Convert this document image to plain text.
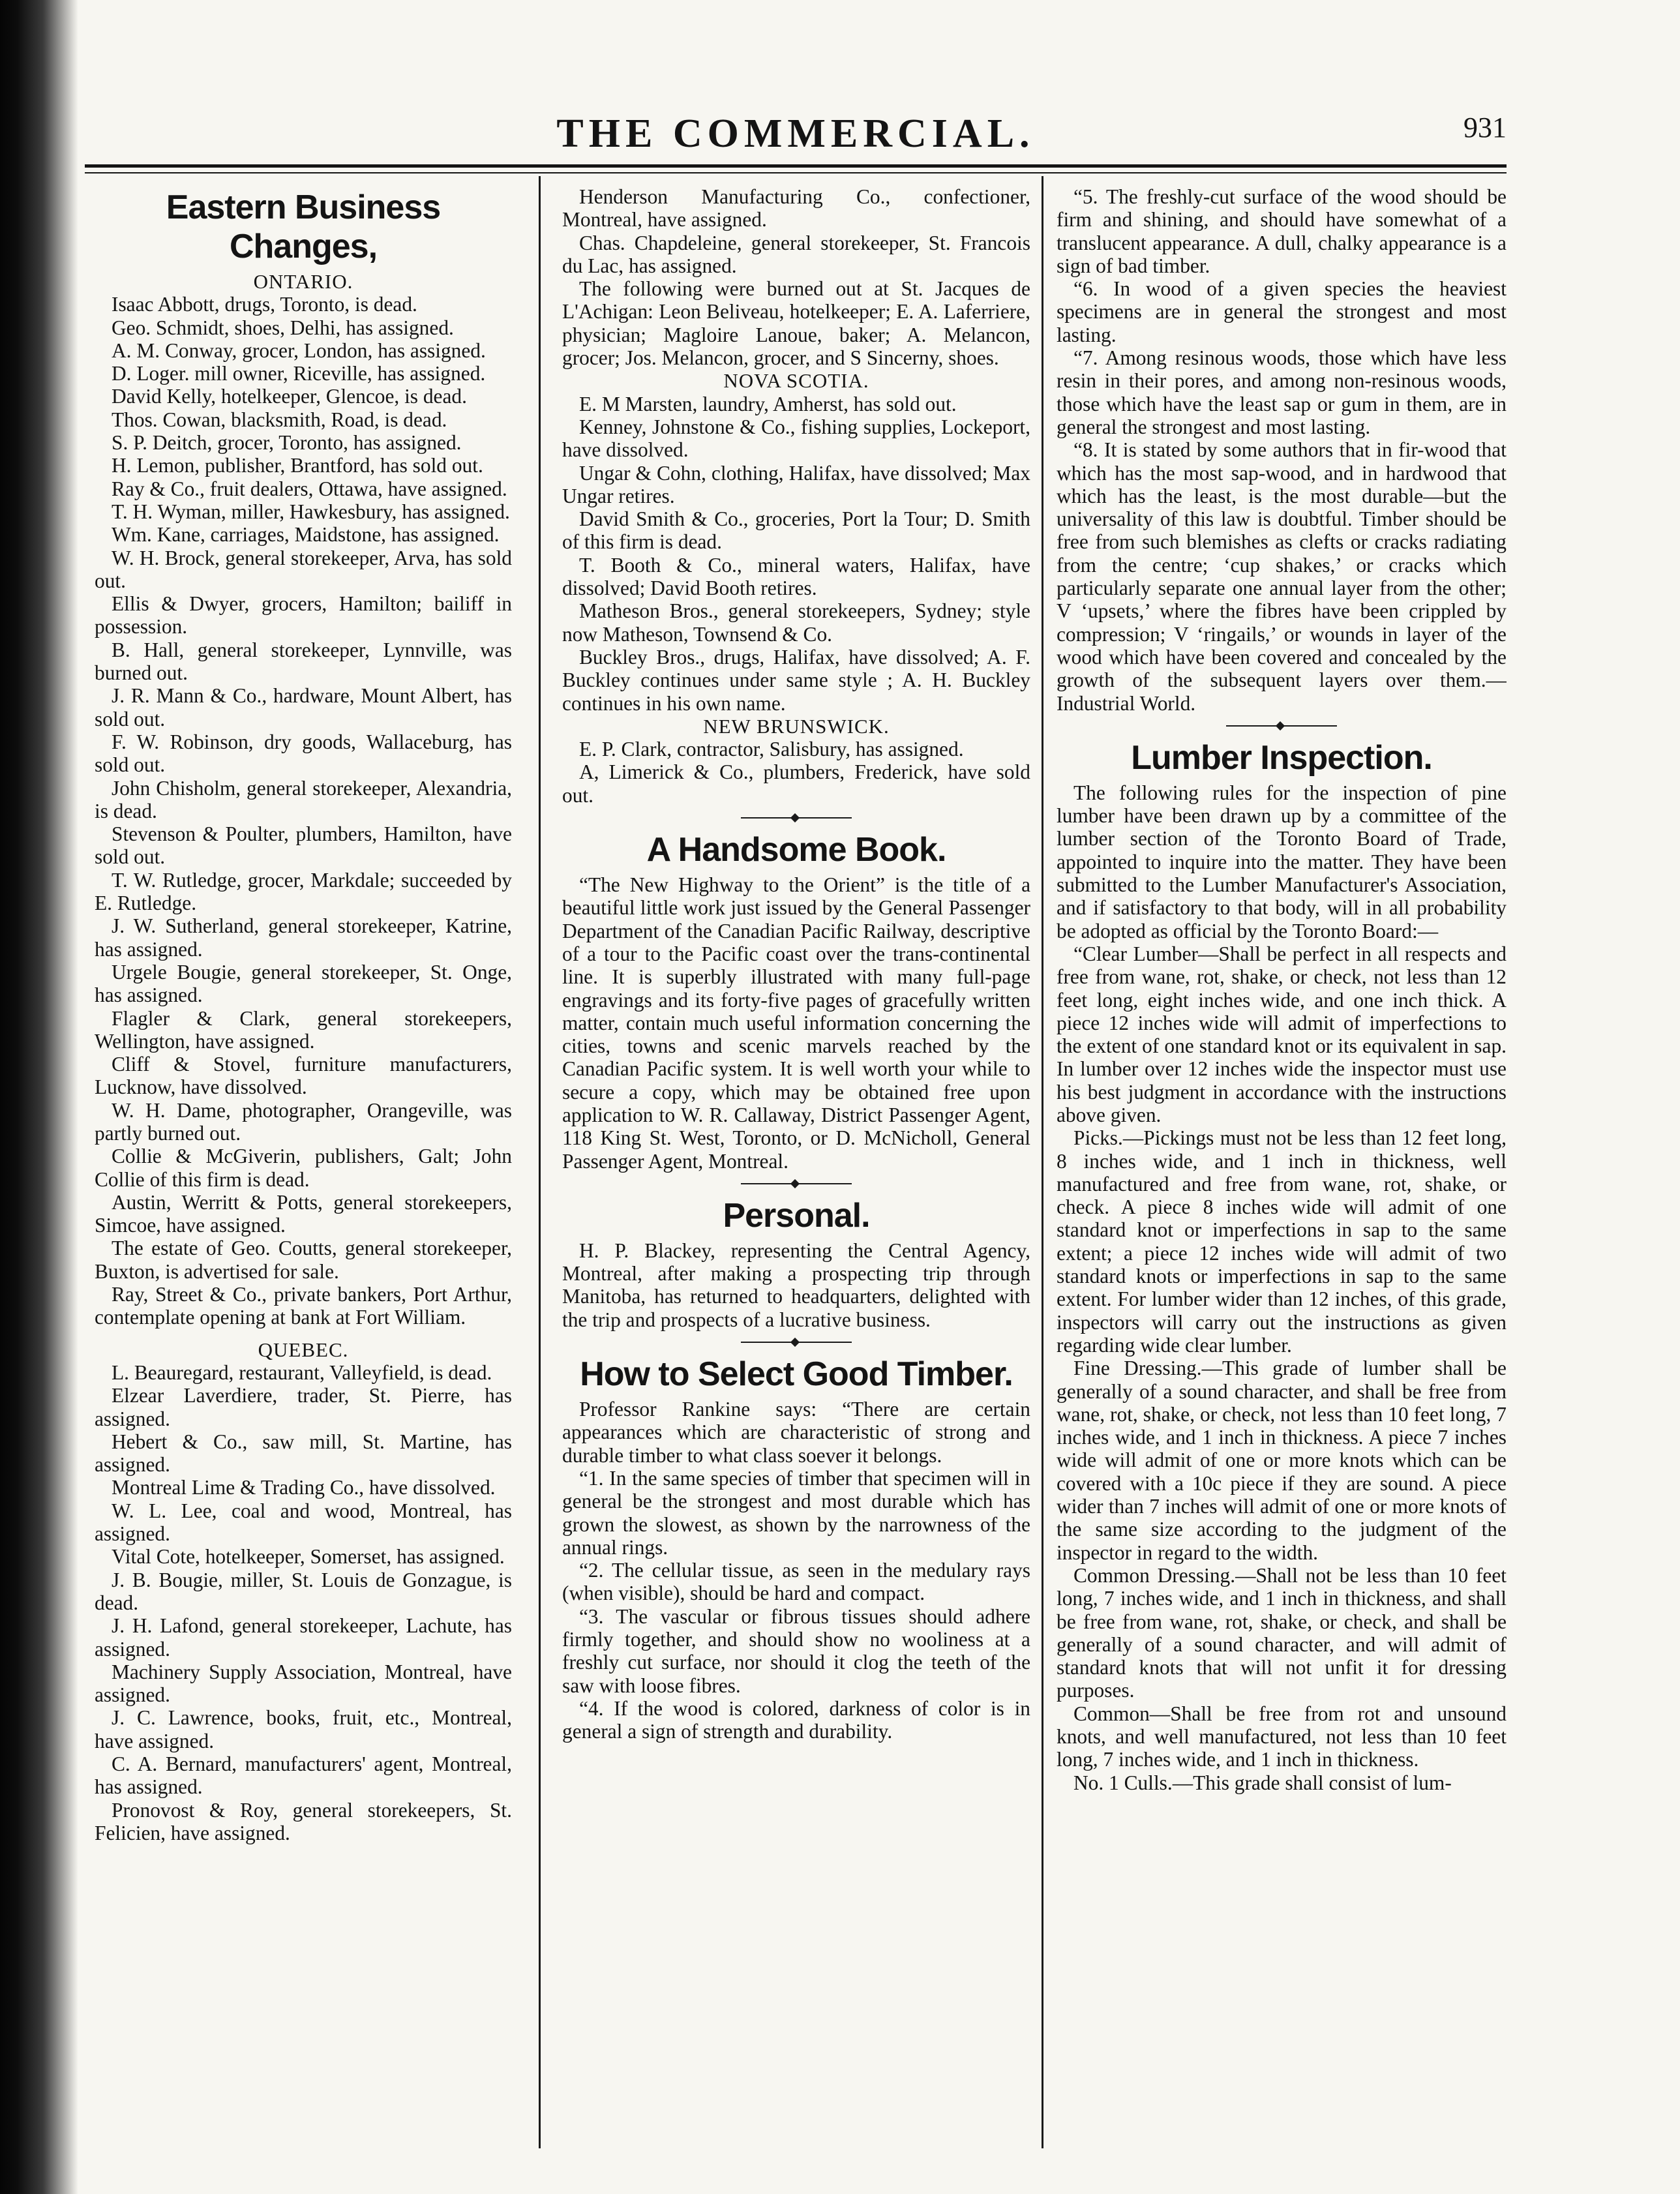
THE COMMERCIAL.	931
Eastern Business Changes,
ONTARIO.

Isaac Abbott, drugs, Toronto, is dead.

Geo. Schmidt, shoes, Delhi, has assigned.

A. M. Conway, grocer, London, has assigned.

D. Loger. mill owner, Riceville, has assigned.

David Kelly, hotelkeeper, Glencoe, is dead.

Thos. Cowan, blacksmith, Road, is dead.

S. P. Deitch, grocer, Toronto, has assigned.

H. Lemon, publisher, Brantford, has sold out.

Ray & Co., fruit dealers, Ottawa, have assigned.

T. H. Wyman, miller, Hawkesbury, has assigned.

Wm. Kane, carriages, Maidstone, has assigned.

W. H. Brock, general storekeeper, Arva, has sold out.

Ellis & Dwyer, grocers, Hamilton; bailiff in possession.

B. Hall, general storekeeper, Lynnville, was burned out.

J. R. Mann & Co., hardware, Mount Albert, has sold out.

F. W. Robinson, dry goods, Wallaceburg, has sold out.

John Chisholm, general storekeeper, Alexandria, is dead.

Stevenson & Poulter, plumbers, Hamilton, have sold out.

T. W. Rutledge, grocer, Markdale; succeeded by E. Rutledge.

J. W. Sutherland, general storekeeper, Katrine, has assigned.

Urgele Bougie, general storekeeper, St. Onge, has assigned.

Flagler & Clark, general storekeepers, Wellington, have assigned.

Cliff & Stovel, furniture manufacturers, Lucknow, have dissolved.

W. H. Dame, photographer, Orangeville, was partly burned out.

Collie & McGiverin, publishers, Galt; John Collie of this firm is dead.

Austin, Werritt & Potts, general storekeepers, Simcoe, have assigned.

The estate of Geo. Coutts, general storekeeper, Buxton, is advertised for sale.

Ray, Street & Co., private bankers, Port Arthur, contemplate opening at bank at Fort William.

QUEBEC.

L. Beauregard, restaurant, Valleyfield, is dead.

Elzear Laverdiere, trader, St. Pierre, has assigned.

Hebert & Co., saw mill, St. Martine, has assigned.

Montreal Lime & Trading Co., have dissolved.

W. L. Lee, coal and wood, Montreal, has assigned.

Vital Cote, hotelkeeper, Somerset, has assigned.

J. B. Bougie, miller, St. Louis de Gonzague, is dead.

J. H. Lafond, general storekeeper, Lachute, has assigned.

Machinery Supply Association, Montreal, have assigned.

J. C. Lawrence, books, fruit, etc., Montreal, have assigned.

C. A. Bernard, manufacturers' agent, Montreal, has assigned.

Pronovost & Roy, general storekeepers, St. Felicien, have assigned.

Henderson Manufacturing Co., confectioner, Montreal, have assigned.

Chas. Chapdeleine, general storekeeper, St. Francois du Lac, has assigned.

The following were burned out at St. Jacques de L'Achigan: Leon Beliveau, hotelkeeper; E. A. Laferriere, physician; Magloire Lanoue, baker; A. Melancon, grocer; Jos. Melancon, grocer, and S Sincerny, shoes.

NOVA SCOTIA.

E. M Marsten, laundry, Amherst, has sold out.

Kenney, Johnstone & Co., fishing supplies, Lockeport, have dissolved.

Ungar & Cohn, clothing, Halifax, have dissolved; Max Ungar retires.

David Smith & Co., groceries, Port la Tour; D. Smith of this firm is dead.

T. Booth & Co., mineral waters, Halifax, have dissolved; David Booth retires.

Matheson Bros., general storekeepers, Sydney; style now Matheson, Townsend & Co.

Buckley Bros., drugs, Halifax, have dissolved; A. F. Buckley continues under same style ; A. H. Buckley continues in his own name.

NEW BRUNSWICK.

E. P. Clark, contractor, Salisbury, has assigned.

A, Limerick & Co., plumbers, Frederick, have sold out.

A Handsome Book.

“The New Highway to the Orient” is the title of a beautiful little work just issued by the General Passenger Department of the Canadian Pacific Railway, descriptive of a tour to the Pacific coast over the trans-continental line. It is superbly illustrated with many full-page engravings and its forty-five pages of gracefully written matter, contain much useful information concerning the cities, towns and scenic marvels reached by the Canadian Pacific system. It is well worth your while to secure a copy, which may be obtained free upon application to W. R. Callaway, District Passenger Agent, 118 King St. West, Toronto, or D. McNicholl, General Passenger Agent, Montreal.

Personal.

H. P. Blackey, representing the Central Agency, Montreal, after making a prospecting trip through Manitoba, has returned to headquarters, delighted with the trip and prospects of a lucrative business.

How to Select Good Timber.

Professor Rankine says: “There are certain appearances which are characteristic of strong and durable timber to what class soever it belongs.

“1. In the same species of timber that specimen will in general be the strongest and most durable which has grown the slowest, as shown by the narrowness of the annual rings.

“2. The cellular tissue, as seen in the medulary rays (when visible), should be hard and compact.

“3. The vascular or fibrous tissues should adhere firmly together, and should show no wooliness at a freshly cut surface, nor should it clog the teeth of the saw with loose fibres.

“4. If the wood is colored, darkness of color is in general a sign of strength and durability.

“5. The freshly-cut surface of the wood should be firm and shining, and should have somewhat of a translucent appearance. A dull, chalky appearance is a sign of bad timber.

“6. In wood of a given species the heaviest specimens are in general the strongest and most lasting.

“7. Among resinous woods, those which have less resin in their pores, and among non-resinous woods, those which have the least sap or gum in them, are in general the strongest and most lasting.

“8. It is stated by some authors that in fir-wood that which has the most sap-wood, and in hardwood that which has the least, is the most durable—but the universality of this law is doubtful. Timber should be free from such blemishes as clefts or cracks radiating from the centre; ‘cup shakes,’ or cracks which particularly separate one annual layer from the other; V ‘upsets,’ where the fibres have been crippled by compression; V ‘ringails,’ or wounds in layer of the wood which have been covered and concealed by the growth of the subsequent layers over them.—Industrial World.

Lumber Inspection.

The following rules for the inspection of pine lumber have been drawn up by a committee of the lumber section of the Toronto Board of Trade, appointed to inquire into the matter. They have been submitted to the Lumber Manufacturer's Association, and if satisfactory to that body, will in all probability be adopted as official by the Toronto Board:—

“Clear Lumber—Shall be perfect in all respects and free from wane, rot, shake, or check, not less than 12 feet long, eight inches wide, and one inch thick. A piece 12 inches wide will admit of imperfections to the extent of one standard knot or its equivalent in sap. In lumber over 12 inches wide the inspector must use his best judgment in accordance with the instructions above given.

Picks.—Pickings must not be less than 12 feet long, 8 inches wide, and 1 inch in thickness, well manufactured and free from wane, rot, shake, or check. A piece 8 inches wide will admit of one standard knot or imperfections in sap to the same extent; a piece 12 inches wide will admit of two standard knots or imperfections in sap to the same extent. For lumber wider than 12 inches, of this grade, inspectors will carry out the instructions as given regarding wide clear lumber.

Fine Dressing.—This grade of lumber shall be generally of a sound character, and shall be free from wane, rot, shake, or check, not less than 10 feet long, 7 inches wide, and 1 inch in thickness. A piece 7 inches wide will admit of one or more knots which can be covered with a 10c piece if they are sound. A piece wider than 7 inches will admit of one or more knots of the same size according to the judgment of the inspector in regard to the width.

Common Dressing.—Shall not be less than 10 feet long, 7 inches wide, and 1 inch in thickness, and shall be free from wane, rot, shake, or check, and shall be generally of a sound character, and will admit of standard knots that will not unfit it for dressing purposes.

Common—Shall be free from rot and unsound knots, and well manufactured, not less than 10 feet long, 7 inches wide, and 1 inch in thickness.

No. 1 Culls.—This grade shall consist of lum-
